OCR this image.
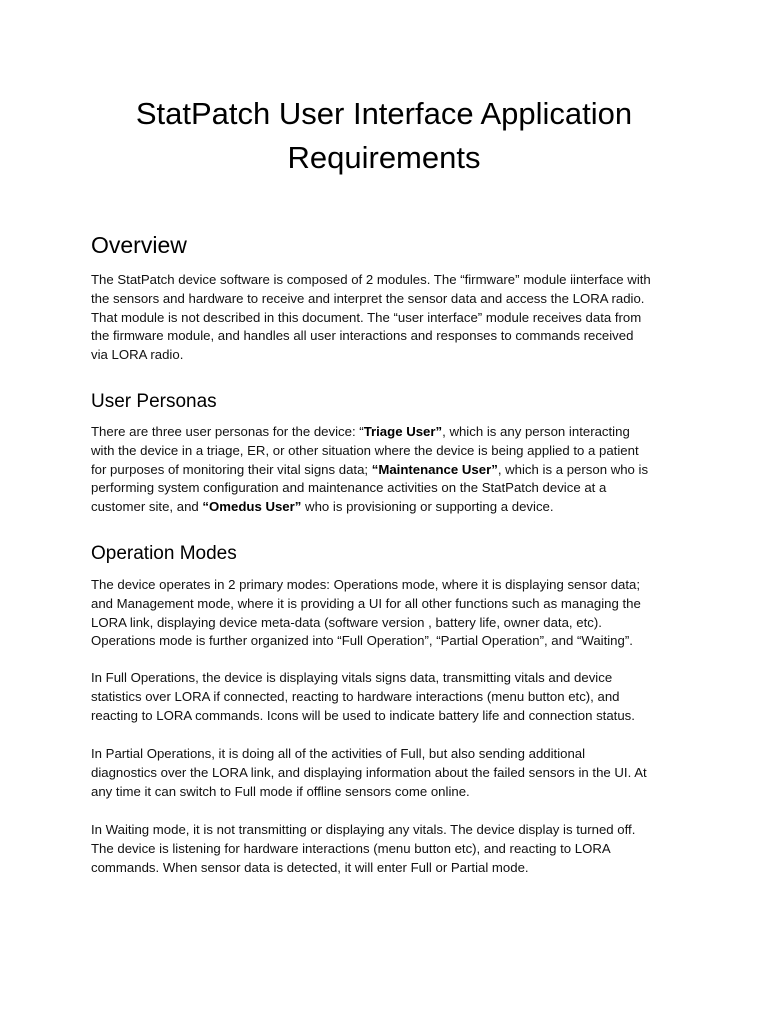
StatPatch User Interface Application
Requirements
Overview

The StatPatch device software is composed of 2 modules. The “firmware” module iinterface with
the sensors and hardware to receive and interpret the sensor data and access the LORA radio.
That module is not described in this document. The “user interface” module receives data from
the firmware module, and handles all user interactions and responses to commands received
via LORA radio.

User Personas

There are three user personas for the device: “Triage User”, which is any person interacting
with the device in a triage, ER, or other situation where the device is being applied to a patient
for purposes of monitoring their vital signs data; “Maintenance User”, which is a person who is
performing system configuration and maintenance activities on the StatPatch device at a
customer site, and “Omedus User” who is provisioning or supporting a device.

Operation Modes

The device operates in 2 primary modes: Operations mode, where it is displaying sensor data;
and Management mode, where it is providing a UI for all other functions such as managing the
LORA link, displaying device meta-data (software version , battery life, owner data, etc).
Operations mode is further organized into “Full Operation”, “Partial Operation”, and “Waiting”.

In Full Operations, the device is displaying vitals signs data, transmitting vitals and device
statistics over LORA if connected, reacting to hardware interactions (menu button etc), and
reacting to LORA commands. Icons will be used to indicate battery life and connection status.

In Partial Operations, it is doing all of the activities of Full, but also sending additional
diagnostics over the LORA link, and displaying information about the failed sensors in the UI. At
any time it can switch to Full mode if offline sensors come online.

In Waiting mode, it is not transmitting or displaying any vitals. The device display is turned off.
The device is listening for hardware interactions (menu button etc), and reacting to LORA
commands. When sensor data is detected, it will enter Full or Partial mode.
